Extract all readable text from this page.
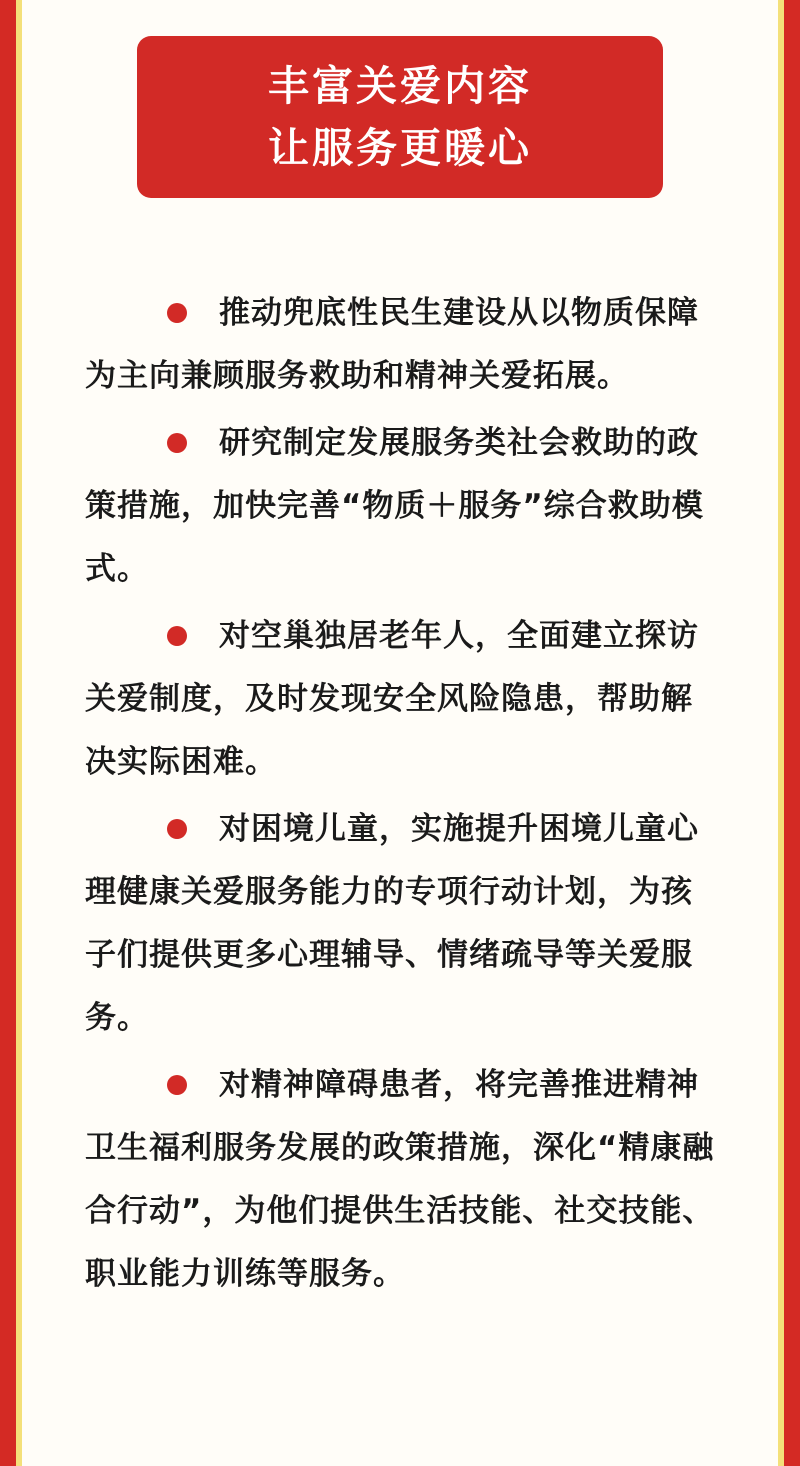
丰富关爱内容
让服务更暖心
推动兜底性民生建设从以物质保障为主向兼顾服务救助和精神关爱拓展。
研究制定发展服务类社会救助的政策措施，加快完善“物质＋服务”综合救助模式。
对空巢独居老年人，全面建立探访关爱制度，及时发现安全风险隐患，帮助解决实际困难。
对困境儿童，实施提升困境儿童心理健康关爱服务能力的专项行动计划，为孩子们提供更多心理辅导、情绪疏导等关爱服务。
对精神障碍患者，将完善推进精神卫生福利服务发展的政策措施，深化“精康融合行动”，为他们提供生活技能、社交技能、职业能力训练等服务。
